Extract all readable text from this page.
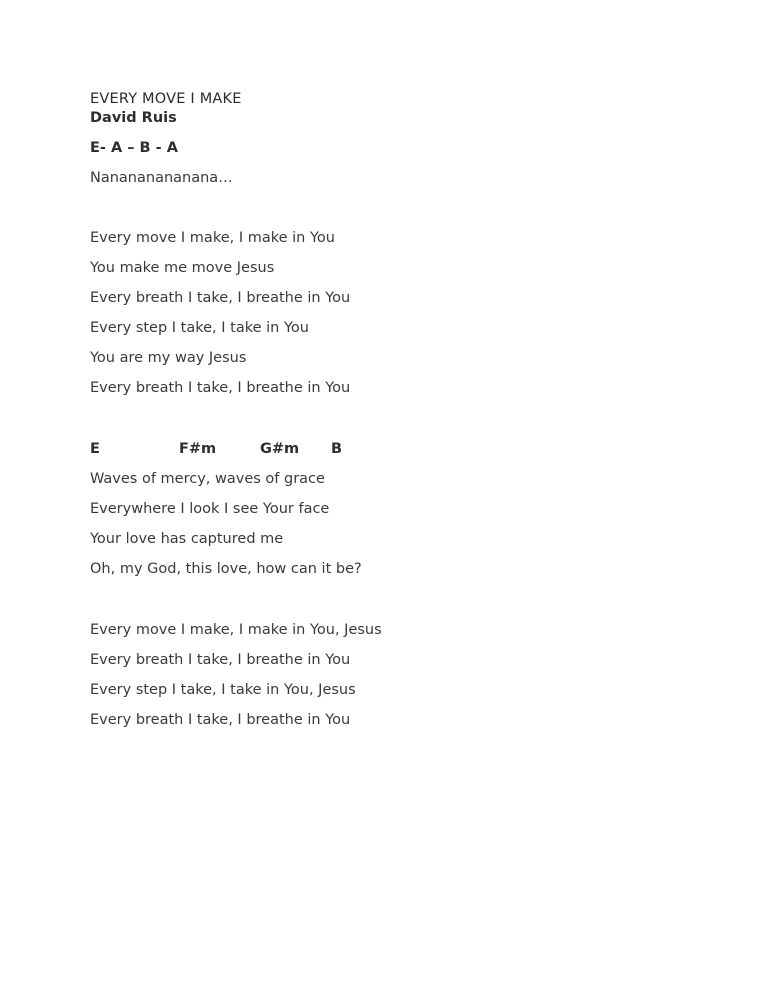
EVERY MOVE I MAKE
David Ruis
E- A – B - A
Nanananananana…
Every move I make, I make in You
You make me move Jesus
Every breath I take, I breathe in You
Every step I take, I take in You
You are my way Jesus
Every breath I take, I breathe in You
E	F#m	G#m B
Waves of mercy, waves of grace
Everywhere I look I see Your face
Your love has captured me
Oh, my God, this love, how can it be?
Every move I make, I make in You, Jesus
Every breath I take, I breathe in You
Every step I take, I take in You, Jesus
Every breath I take, I breathe in You
